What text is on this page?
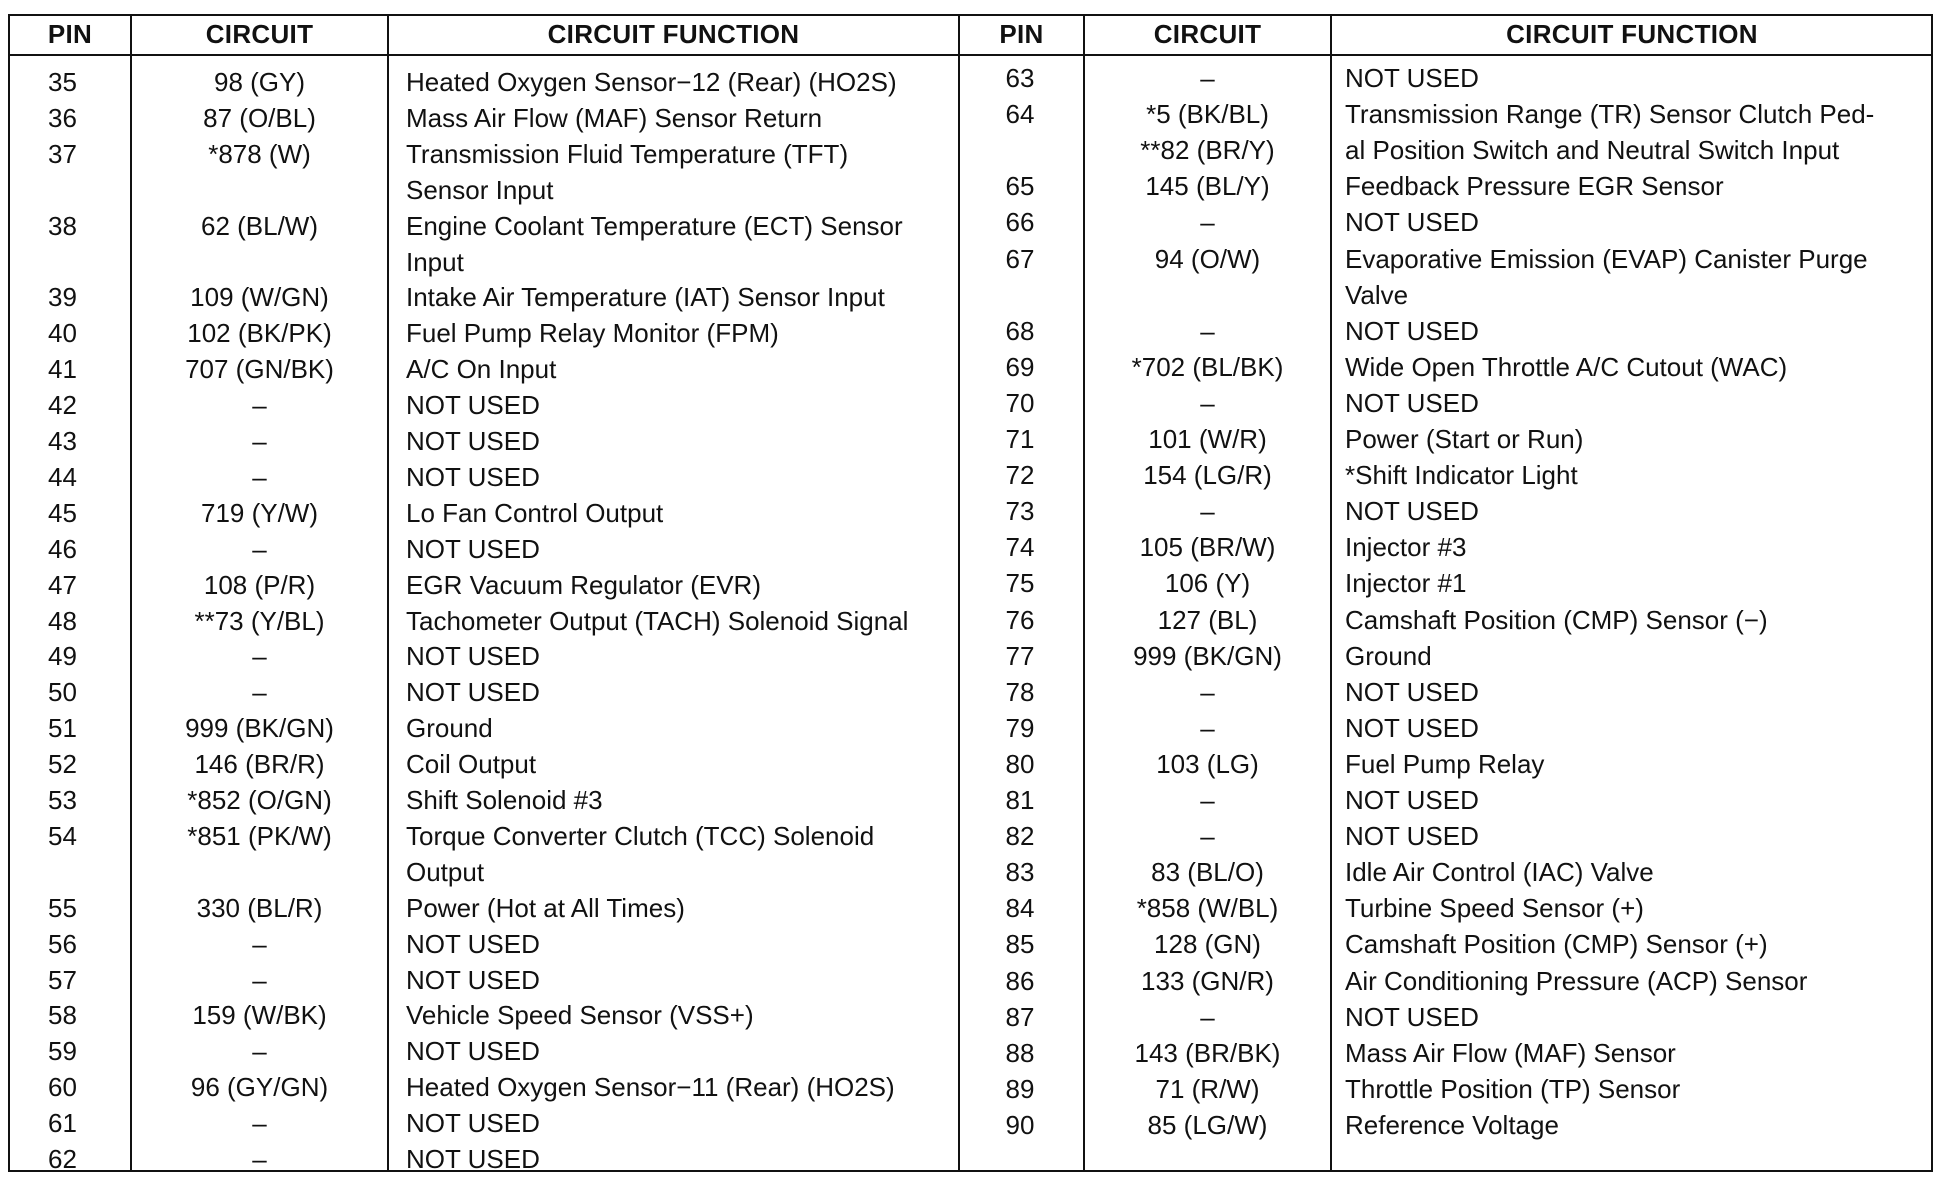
PIN	CIRCUIT	CIRCUIT FUNCTION	PIN	CIRCUIT	CIRCUIT FUNCTION
35	98 (GY)	Heated Oxygen Sensor−12 (Rear) (HO2S)
36	87 (O/BL)	Mass Air Flow (MAF) Sensor Return
37	*878 (W)	Transmission Fluid Temperature (TFT)
Sensor Input
38	62 (BL/W)	Engine Coolant Temperature (ECT) Sensor
Input
39	109 (W/GN)	Intake Air Temperature (IAT) Sensor Input
40	102 (BK/PK)	Fuel Pump Relay Monitor (FPM)
41	707 (GN/BK)	A/C On Input
42	–	NOT USED
43	–	NOT USED
44	–	NOT USED
45	719 (Y/W)	Lo Fan Control Output
46	–	NOT USED
47	108 (P/R)	EGR Vacuum Regulator (EVR)
48	**73 (Y/BL)	Tachometer Output (TACH) Solenoid Signal
49	–	NOT USED
50	–	NOT USED
51	999 (BK/GN)	Ground
52	146 (BR/R)	Coil Output
53	*852 (O/GN)	Shift Solenoid #3
54	*851 (PK/W)	Torque Converter Clutch (TCC) Solenoid
Output
55	330 (BL/R)	Power (Hot at All Times)
56	–	NOT USED
57	–	NOT USED
58	159 (W/BK)	Vehicle Speed Sensor (VSS+)
59	–	NOT USED
60	96 (GY/GN)	Heated Oxygen Sensor−11 (Rear) (HO2S)
61	–	NOT USED
62	–	NOT USED
63	–	NOT USED
64	*5 (BK/BL)	Transmission Range (TR) Sensor Clutch Ped-
**82 (BR/Y)	al Position Switch and Neutral Switch Input
65	145 (BL/Y)	Feedback Pressure EGR Sensor
66	–	NOT USED
67	94 (O/W)	Evaporative Emission (EVAP) Canister Purge
Valve
68	–	NOT USED
69	*702 (BL/BK)	Wide Open Throttle A/C Cutout (WAC)
70	–	NOT USED
71	101 (W/R)	Power (Start or Run)
72	154 (LG/R)	*Shift Indicator Light
73	–	NOT USED
74	105 (BR/W)	Injector #3
75	106 (Y)	Injector #1
76	127 (BL)	Camshaft Position (CMP) Sensor (−)
77	999 (BK/GN)	Ground
78	–	NOT USED
79	–	NOT USED
80	103 (LG)	Fuel Pump Relay
81	–	NOT USED
82	–	NOT USED
83	83 (BL/O)	Idle Air Control (IAC) Valve
84	*858 (W/BL)	Turbine Speed Sensor (+)
85	128 (GN)	Camshaft Position (CMP) Sensor (+)
86	133 (GN/R)	Air Conditioning Pressure (ACP) Sensor
87	–	NOT USED
88	143 (BR/BK)	Mass Air Flow (MAF) Sensor
89	71 (R/W)	Throttle Position (TP) Sensor
90	85 (LG/W)	Reference Voltage
